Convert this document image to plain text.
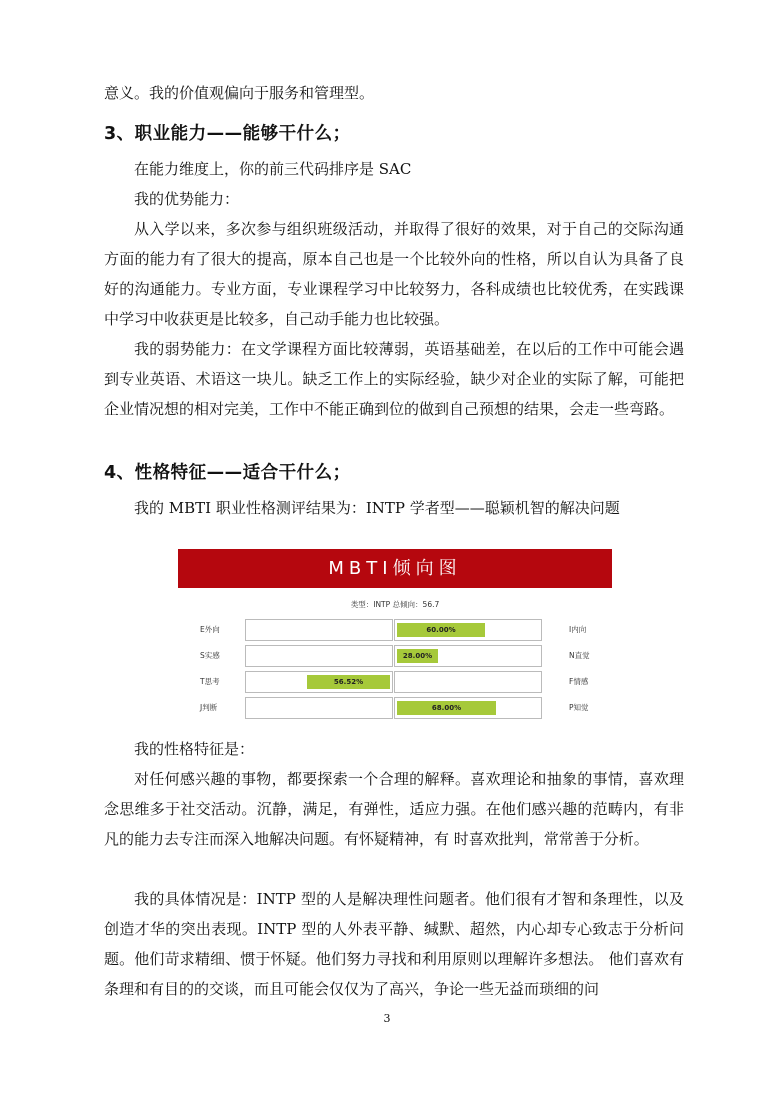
意义。我的价值观偏向于服务和管理型。

3、职业能力——能够干什么；

在能力维度上，你的前三代码排序是 SAC

我的优势能力：

从入学以来，多次参与组织班级活动，并取得了很好的效果，对于自己的交际沟通方面的能力有了很大的提高，原本自己也是一个比较外向的性格，所以自认为具备了良好的沟通能力。专业方面，专业课程学习中比较努力，各科成绩也比较优秀，在实践课中学习中收获更是比较多，自己动手能力也比较强。

我的弱势能力：在文学课程方面比较薄弱，英语基础差，在以后的工作中可能会遇到专业英语、术语这一块儿。缺乏工作上的实际经验，缺少对企业的实际了解，可能把企业情况想的相对完美，工作中不能正确到位的做到自己预想的结果，会走一些弯路。

4、性格特征——适合干什么；

我的 MBTI 职业性格测评结果为：INTP 学者型——聪颖机智的解决问题

MBTI倾向图
类型：INTP 总倾向：56.7
E外向	60.00%	I内向
S实感	28.00%	N直觉
T思考	56.52%	F情感
J判断	68.00%	P知觉

我的性格特征是：

对任何感兴趣的事物，都要探索一个合理的解释。喜欢理论和抽象的事情，喜欢理念思维多于社交活动。沉静，满足，有弹性，适应力强。在他们感兴趣的范畴内，有非凡的能力去专注而深入地解决问题。有怀疑精神，有 时喜欢批判，常常善于分析。

我的具体情况是：INTP 型的人是解决理性问题者。他们很有才智和条理性，以及创造才华的突出表现。INTP 型的人外表平静、缄默、超然，内心却专心致志于分析问题。他们苛求精细、惯于怀疑。他们努力寻找和利用原则以理解许多想法。 他们喜欢有条理和有目的的交谈，而且可能会仅仅为了高兴，争论一些无益而琐细的问

3
